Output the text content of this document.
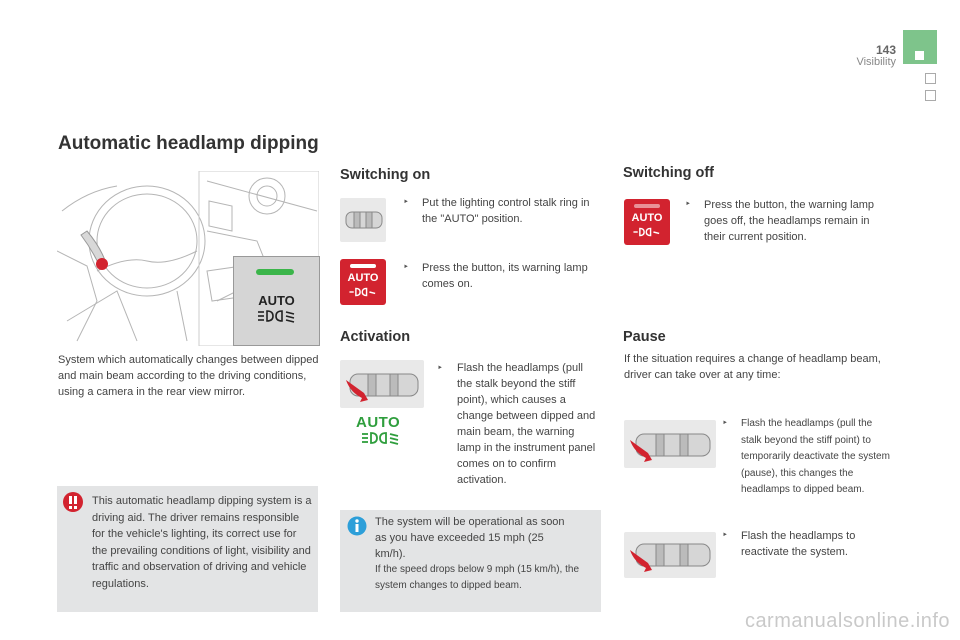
143
Visibility
Automatic headlamp dipping
AUTO
System which automatically changes between dipped and main beam according to the driving conditions, using a camera in the rear view mirror.
This automatic headlamp dipping system is a driving aid. The driver remains responsible for the vehicle's lighting, its correct use for the prevailing conditions of light, visibility and traffic and observation of driving and vehicle regulations.
Switching on
‣ Put the lighting control stalk ring in the "AUTO" position.
AUTO
‣ Press the button, its warning lamp comes on.
Activation
AUTO
‣ Flash the headlamps (pull the stalk beyond the stiff point), which causes a change between dipped and main beam, the warning lamp in the instrument panel comes on to confirm activation.
The system will be operational as soon as you have exceeded 15 mph (25 km/h).
If the speed drops below 9 mph (15 km/h), the system changes to dipped beam.
Switching off
AUTO
‣ Press the button, the warning lamp goes off, the headlamps remain in their current position.
Pause
If the situation requires a change of headlamp beam, driver can take over at any time:
‣ Flash the headlamps (pull the stalk beyond the stiff point) to temporarily deactivate the system (pause), this changes the headlamps to dipped beam.
‣ Flash the headlamps to reactivate the system.
carmanualsonline.info
